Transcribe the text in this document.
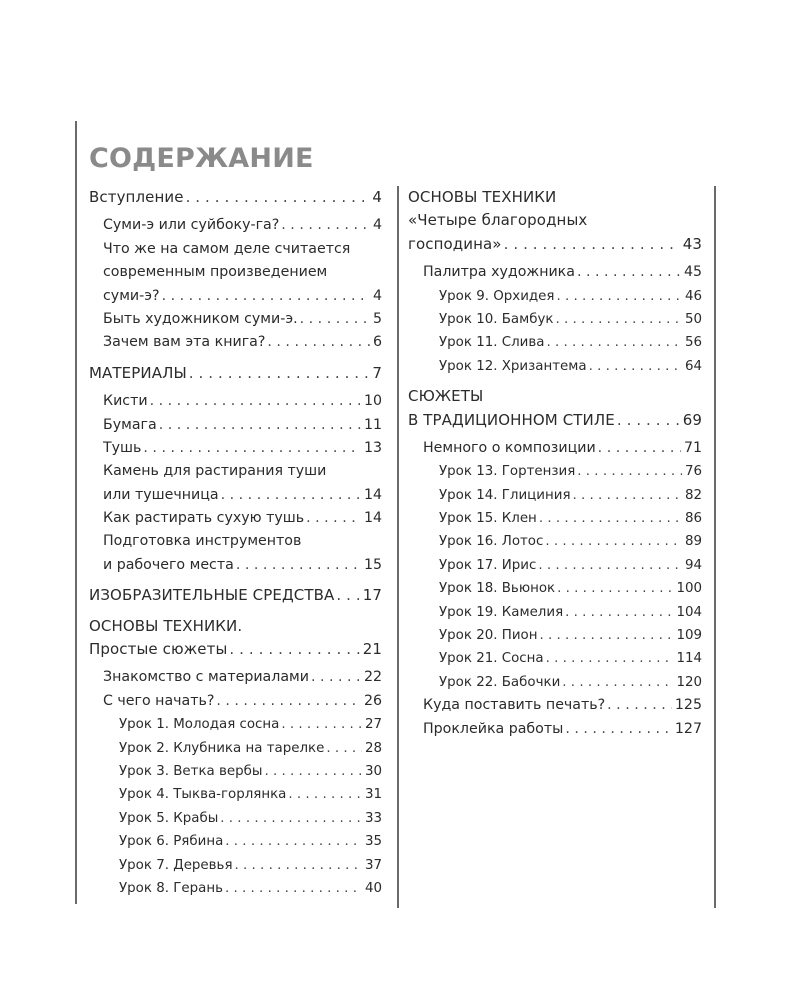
СОДЕРЖАНИЕ
Вступление . . .	4
Суми-э или суйбоку-га? . . .	4
Что же на самом деле считается
современным произведением
суми-э? . . .	4
Быть художником суми-э. . . .	5
Зачем вам эта книга? . . .	6
МАТЕРИАЛЫ . . .	7
Кисти . . .	10
Бумага . . .	11
Тушь . . .	13
Камень для растирания туши
или тушечница . . .	14
Как растирать сухую тушь . . .	14
Подготовка инструментов
и рабочего места . . .	15
ИЗОБРАЗИТЕЛЬНЫЕ СРЕДСТВА . . . 17
ОСНОВЫ ТЕХНИКИ.
Простые сюжеты . . .	21
Знакомство с материалами . . .	22
С чего начать? . . .	26
Урок 1. Молодая сосна . . .	27
Урок 2. Клубника на тарелке . . .	28
Урок 3. Ветка вербы . . .	30
Урок 4. Тыква-горлянка . . .	31
Урок 5. Крабы . . .	33
Урок 6. Рябина . . .	35
Урок 7. Деревья . . .	37
Урок 8. Герань . . .	40
ОСНОВЫ ТЕХНИКИ
«Четыре благородных
господина» . . .	43
Палитра художника . . .	45
Урок 9. Орхидея . . .	46
Урок 10. Бамбук . . .	50
Урок 11. Слива . . .	56
Урок 12. Хризантема . . .	64
СЮЖЕТЫ
В ТРАДИЦИОННОМ СТИЛЕ . . .	69
Немного о композиции . . .	71
Урок 13. Гортензия . . .	76
Урок 14. Глициния . . .	82
Урок 15. Клен . . .	86
Урок 16. Лотос . . .	89
Урок 17. Ирис . . .	94
Урок 18. Вьюнок . . .	100
Урок 19. Камелия . . .	104
Урок 20. Пион . . .	109
Урок 21. Сосна . . .	114
Урок 22. Бабочки . . .	120
Куда поставить печать? . . .	125
Проклейка работы . . .	127
